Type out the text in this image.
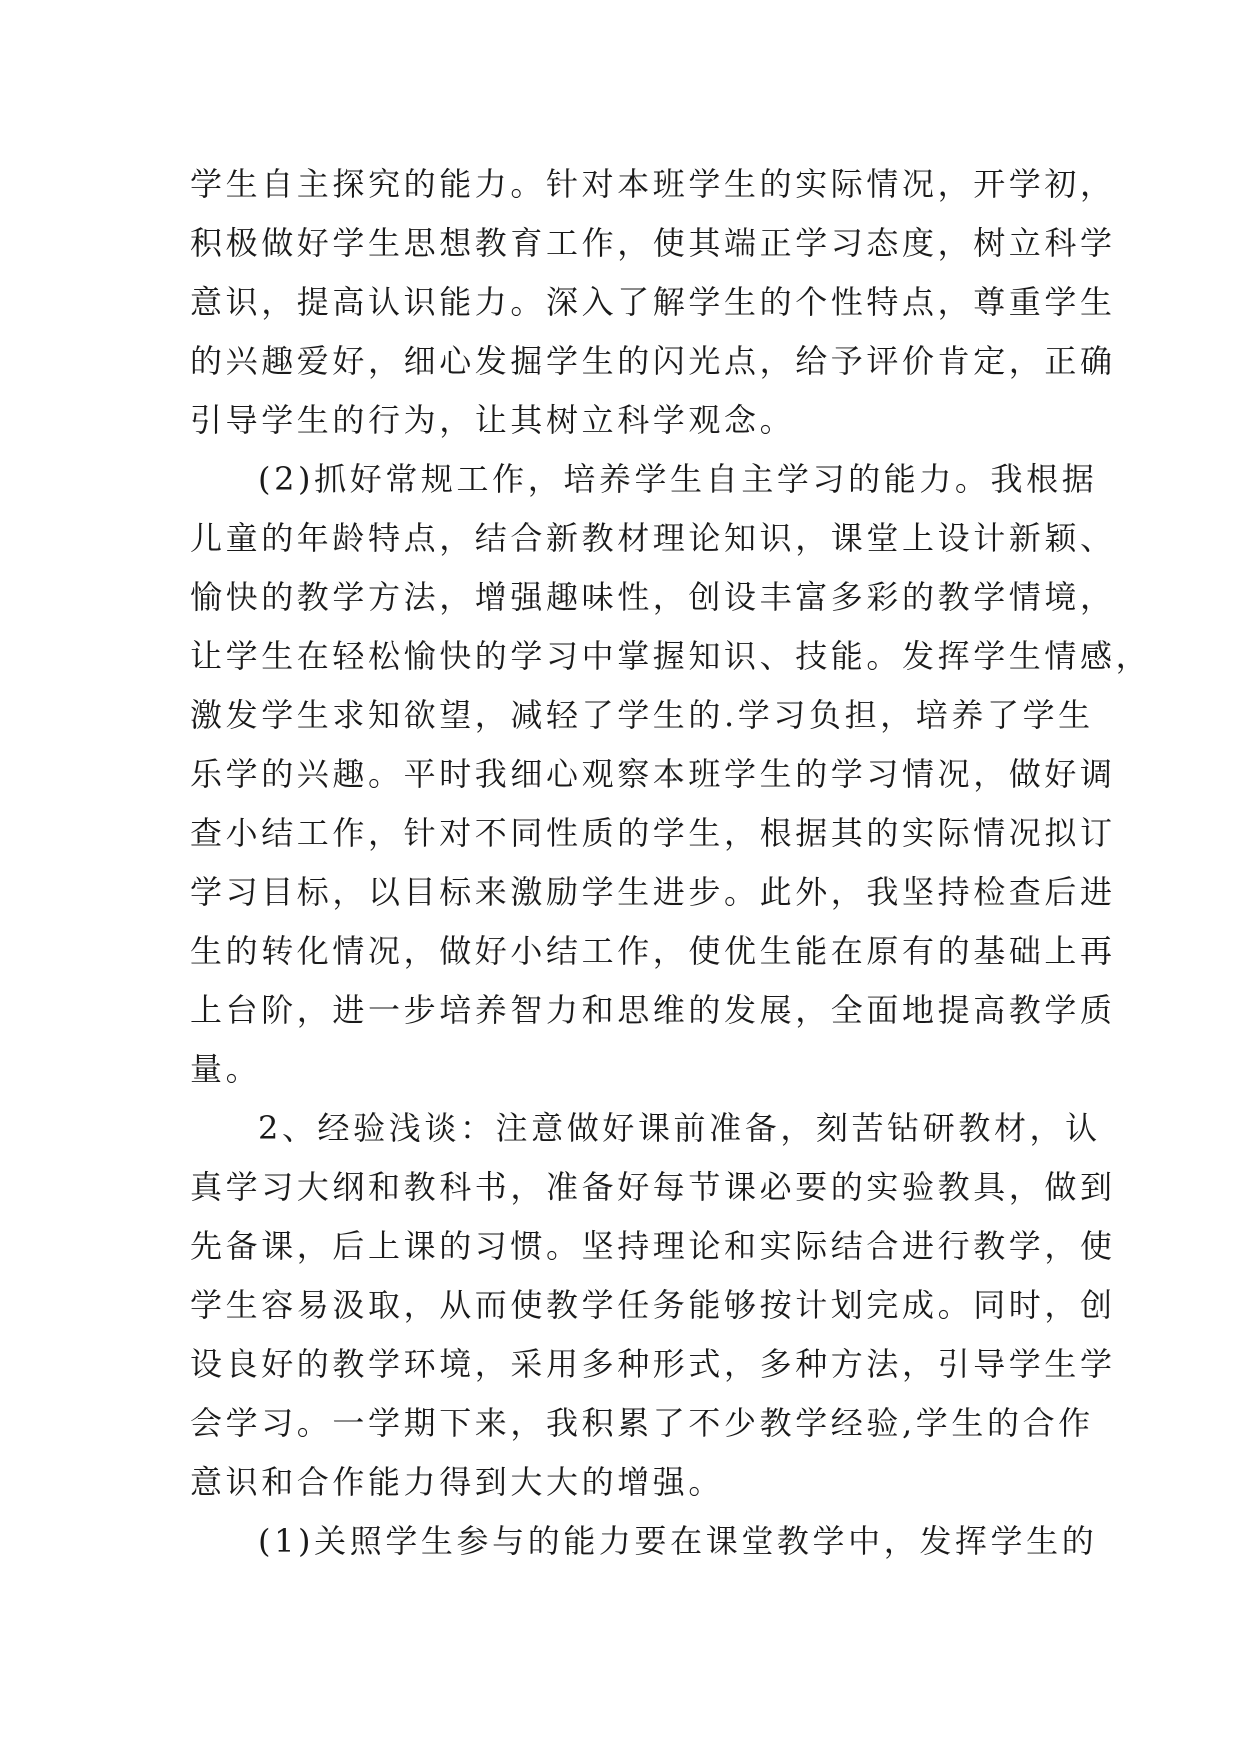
学生自主探究的能力。针对本班学生的实际情况，开学初，
积极做好学生思想教育工作，使其端正学习态度，树立科学
意识，提高认识能力。深入了解学生的个性特点，尊重学生
的兴趣爱好，细心发掘学生的闪光点，给予评价肯定，正确
引导学生的行为，让其树立科学观念。
(2)抓好常规工作，培养学生自主学习的能力。我根据
儿童的年龄特点，结合新教材理论知识，课堂上设计新颖、
愉快的教学方法，增强趣味性，创设丰富多彩的教学情境，
让学生在轻松愉快的学习中掌握知识、技能。发挥学生情感，
激发学生求知欲望，减轻了学生的.学习负担，培养了学生
乐学的兴趣。平时我细心观察本班学生的学习情况，做好调
查小结工作，针对不同性质的学生，根据其的实际情况拟订
学习目标，以目标来激励学生进步。此外，我坚持检查后进
生的转化情况，做好小结工作，使优生能在原有的基础上再
上台阶，进一步培养智力和思维的发展，全面地提高教学质
量。
2、经验浅谈：注意做好课前准备，刻苦钻研教材，认
真学习大纲和教科书，准备好每节课必要的实验教具，做到
先备课，后上课的习惯。坚持理论和实际结合进行教学，使
学生容易汲取，从而使教学任务能够按计划完成。同时，创
设良好的教学环境，采用多种形式，多种方法，引导学生学
会学习。一学期下来，我积累了不少教学经验,学生的合作
意识和合作能力得到大大的增强。
(1)关照学生参与的能力要在课堂教学中，发挥学生的
